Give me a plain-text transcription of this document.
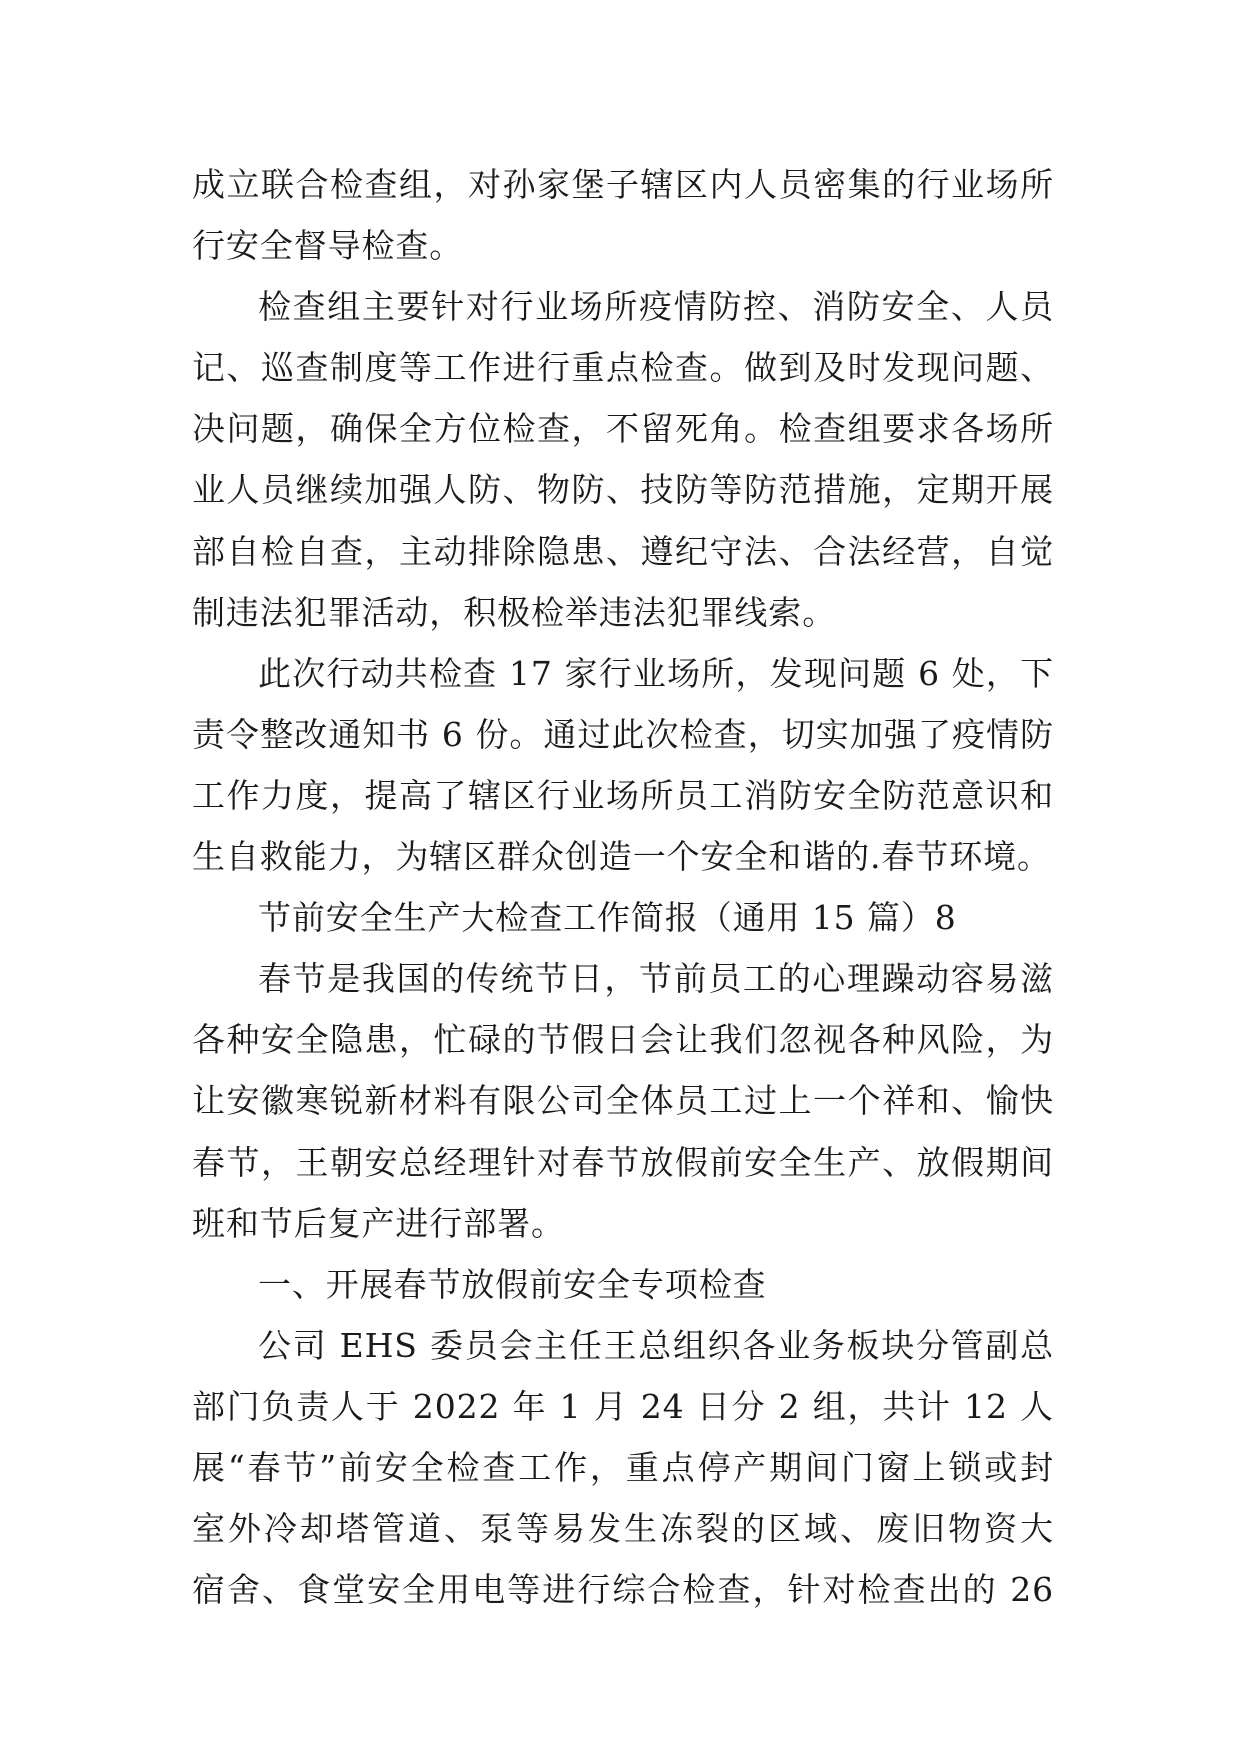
成立联合检查组，对孙家堡子辖区内人员密集的行业场所
行安全督导检查。
检查组主要针对行业场所疫情防控、消防安全、人员
记、巡查制度等工作进行重点检查。做到及时发现问题、
决问题，确保全方位检查，不留死角。检查组要求各场所
业人员继续加强人防、物防、技防等防范措施，定期开展
部自检自查，主动排除隐患、遵纪守法、合法经营，自觉
制违法犯罪活动，积极检举违法犯罪线索。
此次行动共检查 17 家行业场所，发现问题 6 处，下
责令整改通知书 6 份。通过此次检查，切实加强了疫情防
工作力度，提高了辖区行业场所员工消防安全防范意识和
生自救能力，为辖区群众创造一个安全和谐的.春节环境。
节前安全生产大检查工作简报（通用 15 篇）8
春节是我国的传统节日，节前员工的心理躁动容易滋
各种安全隐患，忙碌的节假日会让我们忽视各种风险，为
让安徽寒锐新材料有限公司全体员工过上一个祥和、愉快
春节，王朝安总经理针对春节放假前安全生产、放假期间
班和节后复产进行部署。
一、开展春节放假前安全专项检查
公司 EHS 委员会主任王总组织各业务板块分管副总
部门负责人于 2022 年 1 月 24 日分 2 组，共计 12 人
展“春节”前安全检查工作，重点停产期间门窗上锁或封
室外冷却塔管道、泵等易发生冻裂的区域、废旧物资大
宿舍、食堂安全用电等进行综合检查，针对检查出的 26
